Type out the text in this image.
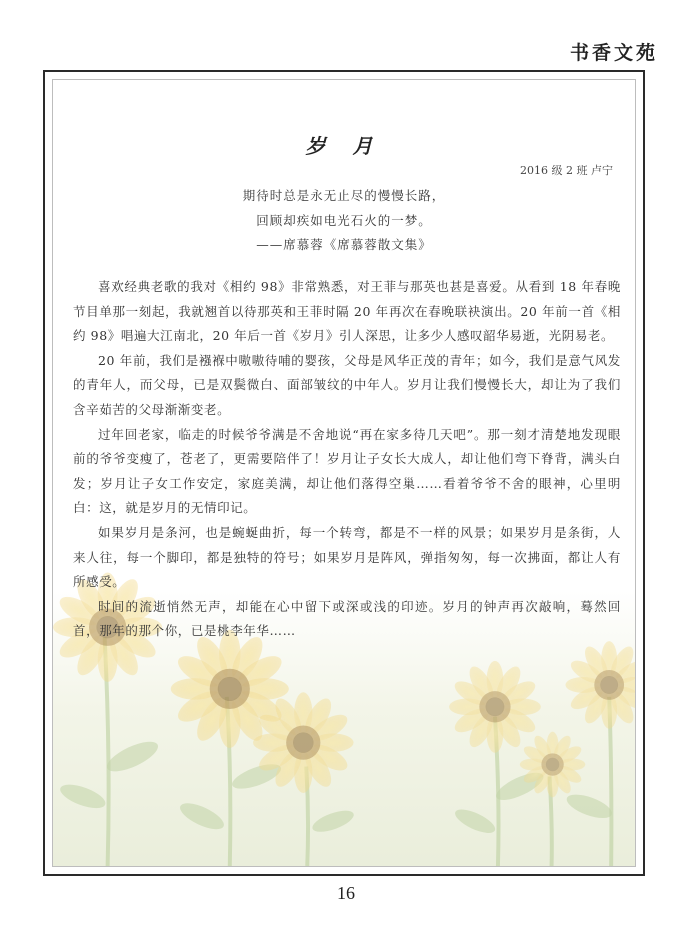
书香文苑
岁 月
2016 级 2 班 卢宁
期待时总是永无止尽的慢慢长路，
回顾却疾如电光石火的一梦。
——席慕蓉《席慕蓉散文集》

喜欢经典老歌的我对《相约 98》非常熟悉，对王菲与那英也甚是喜爱。从看到 18 年春晚节目单那一刻起，我就翘首以待那英和王菲时隔 20 年再次在春晚联袂演出。20 年前一首《相约 98》唱遍大江南北，20 年后一首《岁月》引人深思，让多少人感叹韶华易逝，光阴易老。

20 年前，我们是襁褓中嗷嗷待哺的婴孩，父母是风华正茂的青年；如今，我们是意气风发的青年人，而父母，已是双鬓微白、面部皱纹的中年人。岁月让我们慢慢长大，却让为了我们含辛茹苦的父母渐渐变老。

过年回老家，临走的时候爷爷满是不舍地说“再在家多待几天吧”。那一刻才清楚地发现眼前的爷爷变瘦了，苍老了，更需要陪伴了！岁月让子女长大成人，却让他们弯下脊背，满头白发；岁月让子女工作安定，家庭美满，却让他们落得空巢……看着爷爷不舍的眼神，心里明白：这，就是岁月的无情印记。

如果岁月是条河，也是蜿蜒曲折，每一个转弯，都是不一样的风景；如果岁月是条街，人来人往，每一个脚印，都是独特的符号；如果岁月是阵风，弹指匆匆，每一次拂面，都让人有所感受。

时间的流逝悄然无声，却能在心中留下或深或浅的印迹。岁月的钟声再次敲响，蓦然回首，那年的那个你，已是桃李年华……

16
